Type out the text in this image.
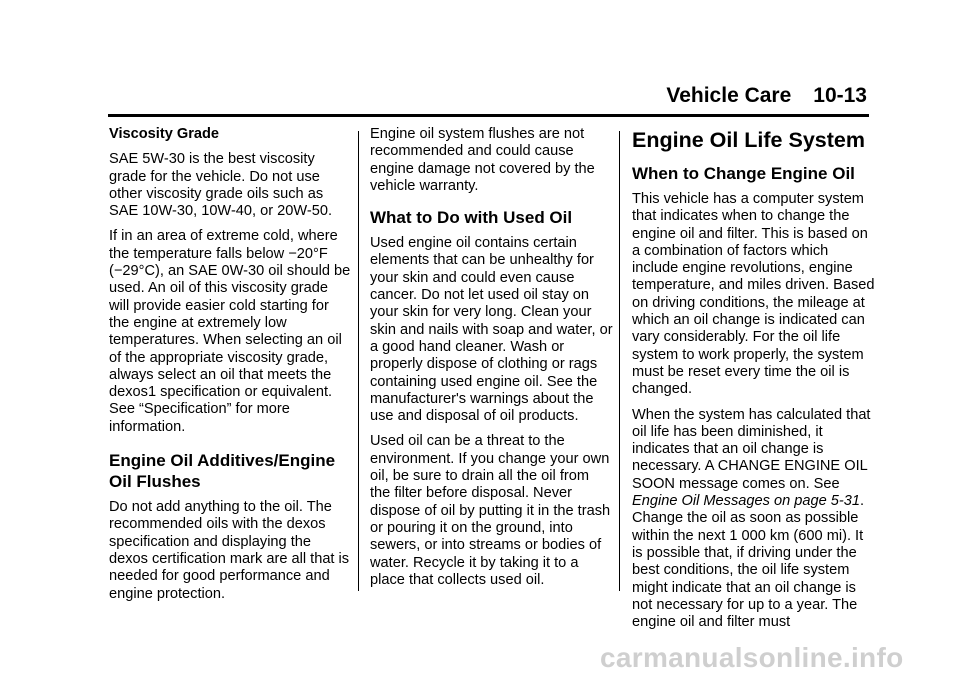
Vehicle Care 10-13
Viscosity Grade

SAE 5W-30 is the best viscosity grade for the vehicle. Do not use other viscosity grade oils such as SAE 10W-30, 10W-40, or 20W-50.

If in an area of extreme cold, where the temperature falls below −20°F (−29°C), an SAE 0W-30 oil should be used. An oil of this viscosity grade will provide easier cold starting for the engine at extremely low temperatures. When selecting an oil of the appropriate viscosity grade, always select an oil that meets the dexos1 specification or equivalent. See “Specification” for more information.

Engine Oil Additives/Engine Oil Flushes

Do not add anything to the oil. The recommended oils with the dexos specification and displaying the dexos certification mark are all that is needed for good performance and engine protection.

Engine oil system flushes are not recommended and could cause engine damage not covered by the vehicle warranty.

What to Do with Used Oil

Used engine oil contains certain elements that can be unhealthy for your skin and could even cause cancer. Do not let used oil stay on your skin for very long. Clean your skin and nails with soap and water, or a good hand cleaner. Wash or properly dispose of clothing or rags containing used engine oil. See the manufacturer's warnings about the use and disposal of oil products.

Used oil can be a threat to the environment. If you change your own oil, be sure to drain all the oil from the filter before disposal. Never dispose of oil by putting it in the trash or pouring it on the ground, into sewers, or into streams or bodies of water. Recycle it by taking it to a place that collects used oil.

Engine Oil Life System
When to Change Engine Oil

This vehicle has a computer system that indicates when to change the engine oil and filter. This is based on a combination of factors which include engine revolutions, engine temperature, and miles driven. Based on driving conditions, the mileage at which an oil change is indicated can vary considerably. For the oil life system to work properly, the system must be reset every time the oil is changed.

When the system has calculated that oil life has been diminished, it indicates that an oil change is necessary. A CHANGE ENGINE OIL SOON message comes on. See Engine Oil Messages on page 5-31. Change the oil as soon as possible within the next 1 000 km (600 mi). It is possible that, if driving under the best conditions, the oil life system might indicate that an oil change is not necessary for up to a year. The engine oil and filter must

carmanualsonline.info
